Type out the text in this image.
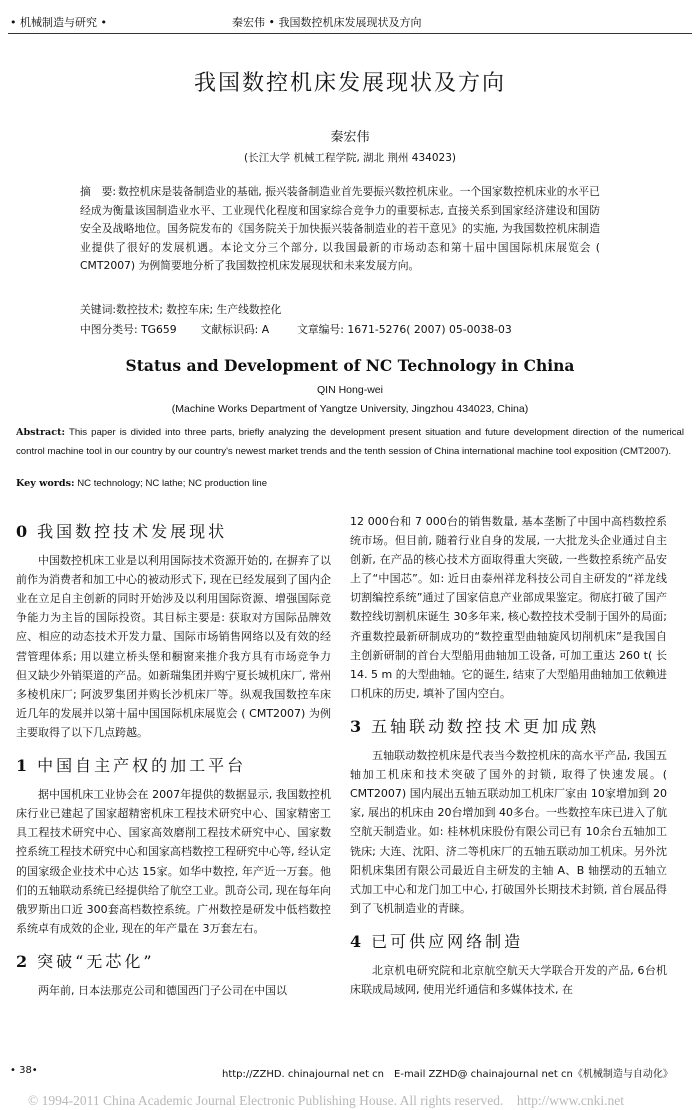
• 机械制造与研究 •	秦宏伟 • 我国数控机床发展现状及方向
我国数控机床发展现状及方向
秦宏伟
(长江大学 机械工程学院, 湖北 荆州 434023)
摘　要: 数控机床是装备制造业的基础, 振兴装备制造业首先要振兴数控机床业。一个国家数控机床业的水平已经成为衡量该国制造业水平、工业现代化程度和国家综合竞争力的重要标志, 直接关系到国家经济建设和国防安全及战略地位。国务院发布的《国务院关于加快振兴装备制造业的若干意见》的实施, 为我国数控机床制造业提供了很好的发展机遇。本论文分三个部分, 以我国最新的市场动态和第十届中国国际机床展览会 ( CMT2007) 为例简要地分析了我国数控机床发展现状和未来发展方向。
关键词:数控技术; 数控车床; 生产线数控化
中图分类号: TG659 文献标识码: A	文章编号: 1671-5276( 2007) 05-0038-03
Status and Development of NC Technology in China
QIN Hong-wei
(Machine Works Department of Yangtze University, Jingzhou 434023, China)
Abstract: This paper is divided into three parts, briefly analyzing the development present situation and future development direction of the numerical control machine tool in our country by our country's newest market trends and the tenth session of China international machine tool exposition (CMT2007).
Key words: NC technology; NC lathe; NC production line
0 我国数控技术发展现状

中国数控机床工业是以利用国际技术资源开始的, 在摒弃了以前作为消费者和加工中心的被动形式下, 现在已经发展到了国内企业在立足自主创新的同时开始涉及以利用国际资源、增强国际竞争能力为主旨的国际投资。其目标主要是: 获取对方国际品牌效应、相应的动态技术开发力量、国际市场销售网络以及有效的经营管理体系; 用以建立桥头堡和橱窗来推介我方具有市场竞争力但又缺少外销渠道的产品。如新瑞集团并购宁夏长城机床厂, 常州多棱机床厂; 阿波罗集团并购长沙机床厂等。纵观我国数控车床近几年的发展并以第十届中国国际机床展览会 ( CMT2007) 为例主要取得了以下几点跨越。

1 中国自主产权的加工平台

据中国机床工业协会在 2007年提供的数据显示, 我国数控机床行业已建起了国家超精密机床工程技术研究中心、国家精密工具工程技术研究中心、国家高效磨削工程技术研究中心、国家数控系统工程技术研究中心和国家高档数控工程研究中心等, 经认定的国家级企业技术中心达 15家。如华中数控, 年产近一万套。他们的五轴联动系统已经提供给了航空工业。凯奇公司, 现在每年向俄罗斯出口近 300套高档数控系统。广州数控是研发中低档数控系统卓有成效的企业, 现在的年产量在 3万套左右。

2 突破“无芯化”

两年前, 日本法那克公司和德国西门子公司在中国以

12 000台和 7 000台的销售数量, 基本垄断了中国中高档数控系统市场。但目前, 随着行业自身的发展, 一大批龙头企业通过自主创新, 在产品的核心技术方面取得重大突破, 一些数控系统产品安上了“中国芯”。如: 近日由泰州祥龙科技公司自主研发的“祥龙线切割编控系统”通过了国家信息产业部成果鉴定。彻底打破了国产数控线切割机床诞生 30多年来, 核心数控技术受制于国外的局面; 齐重数控最新研制成功的“数控重型曲轴旋风切削机床”是我国自主创新研制的首台大型船用曲轴加工设备, 可加工重达 260 t( 长 14. 5 m 的大型曲轴。它的诞生, 结束了大型船用曲轴加工依赖进口机床的历史, 填补了国内空白。

3 五轴联动数控技术更加成熟

五轴联动数控机床是代表当今数控机床的高水平产品, 我国五轴加工机床和技术突破了国外的封锁, 取得了快速发展。( CMT2007) 国内展出五轴五联动加工机床厂家由 10家增加到 20家, 展出的机床由 20台增加到 40多台。一些数控车床已进入了航空航天制造业。如: 桂林机床股份有限公司已有 10余台五轴加工铣床; 大连、沈阳、济二等机床厂的五轴五联动加工机床。另外沈阳机床集团有限公司最近自主研发的主轴 A、B 轴摆动的五轴立式加工中心和龙门加工中心, 打破国外长期技术封锁, 首台展品得到了飞机制造业的青睐。

4 已可供应网络制造

北京机电研究院和北京航空航天大学联合开发的产品, 6台机床联成局域网, 使用光纤通信和多媒体技术, 在

• 38•	http://ZZHD. chinajournal net cn　E-mail ZZHD@ chainajournal net cn《机械制造与自动化》
© 1994-2011 China Academic Journal Electronic Publishing House. All rights reserved.　http://www.cnki.net
